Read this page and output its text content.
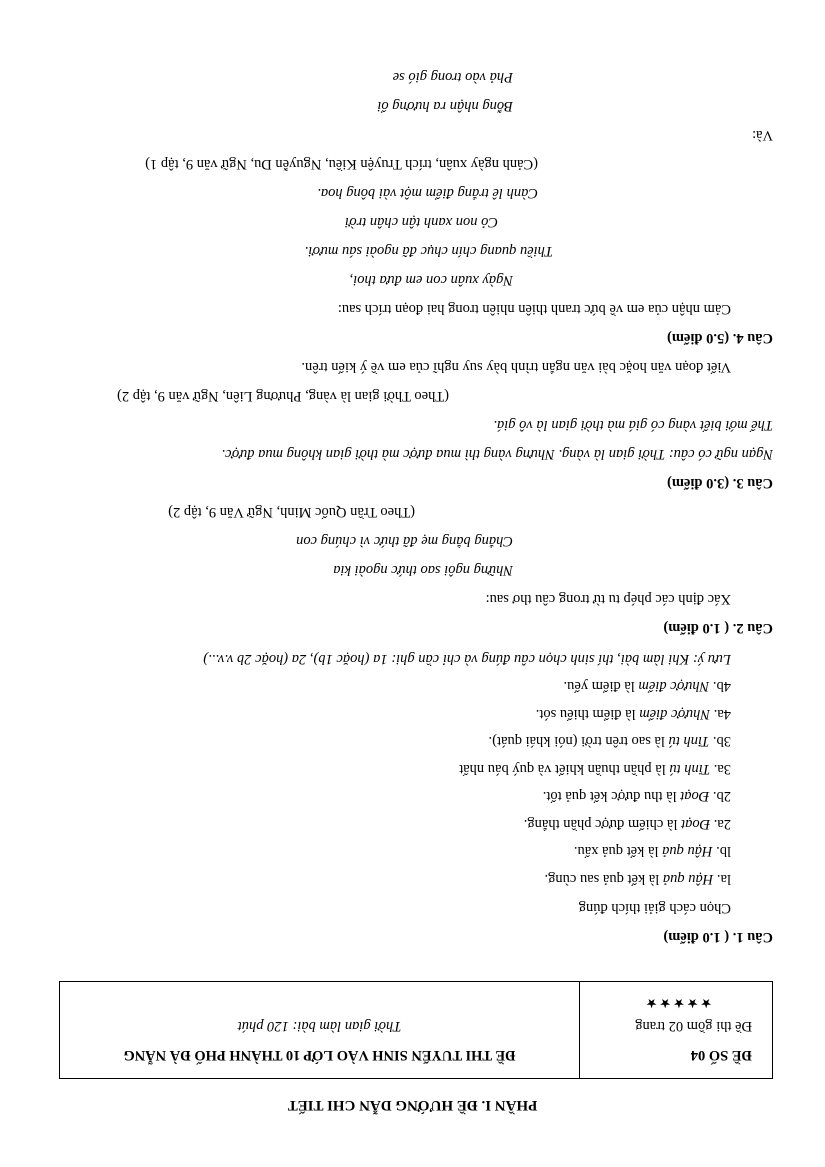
PHẦN I. ĐỀ HƯỚNG DẪN CHI TIẾT
ĐỀ SỐ 04
Đề thi gồm 02 trang
★★★★★
ĐỀ THI TUYỂN SINH VÀO LỚP 10 THÀNH PHỐ ĐÀ NẴNG
Thời gian làm bài: 120 phút
Câu 1. ( 1.0 điểm)
Chọn cách giải thích đúng
la. Hậu quả là kết quả sau cùng.
lb. Hậu quả là kết quả xấu.
2a. Đoạt là chiếm được phần thắng.
2b. Đoạt là thu được kết quả tốt.
3a. Tinh tú là phần thuần khiết và quý báu nhất
3b. Tinh tú là sao trên trời (nói khái quát).
4a. Nhược điểm là điểm thiếu sót.
4b. Nhược điểm là điểm yếu.
Lưu ý: Khi làm bài, thí sinh chọn câu đúng và chỉ cần ghi: 1a (hoặc 1b), 2a (hoặc 2b v.v...)
Câu 2. ( 1.0 điểm)
Xác định các phép tu từ trong câu thơ sau:
Những ngôi sao thức ngoài kia
Chẳng bằng mẹ đã thức vì chúng con
(Theo Trần Quốc Minh, Ngữ Văn 9, tập 2)
Câu 3. (3.0 điểm)
Ngạn ngữ có câu: Thời gian là vàng. Nhưng vàng thì mua được mà thời gian không mua được.
Thế mới biết vàng có giá mà thời gian là vô giá.
(Theo Thời gian là vàng, Phương Liên, Ngữ văn 9, tập 2)
Viết đoạn văn hoặc bài văn ngắn trình bày suy nghĩ của em về ý kiến trên.
Câu 4. (5.0 điểm)
Cảm nhận của em về bức tranh thiên nhiên trong hai đoạn trích sau:
Ngày xuân con em đưa thoi,
Thiều quang chín chục đã ngoài sáu mươi.
Cỏ non xanh tận chân trời
Cành lê trắng điểm một vài bông hoa.
(Cảnh ngày xuân, trích Truyện Kiều, Nguyễn Du, Ngữ văn 9, tập 1)
Và:
Bỗng nhận ra hương ổi
Phả vào trong gió se
